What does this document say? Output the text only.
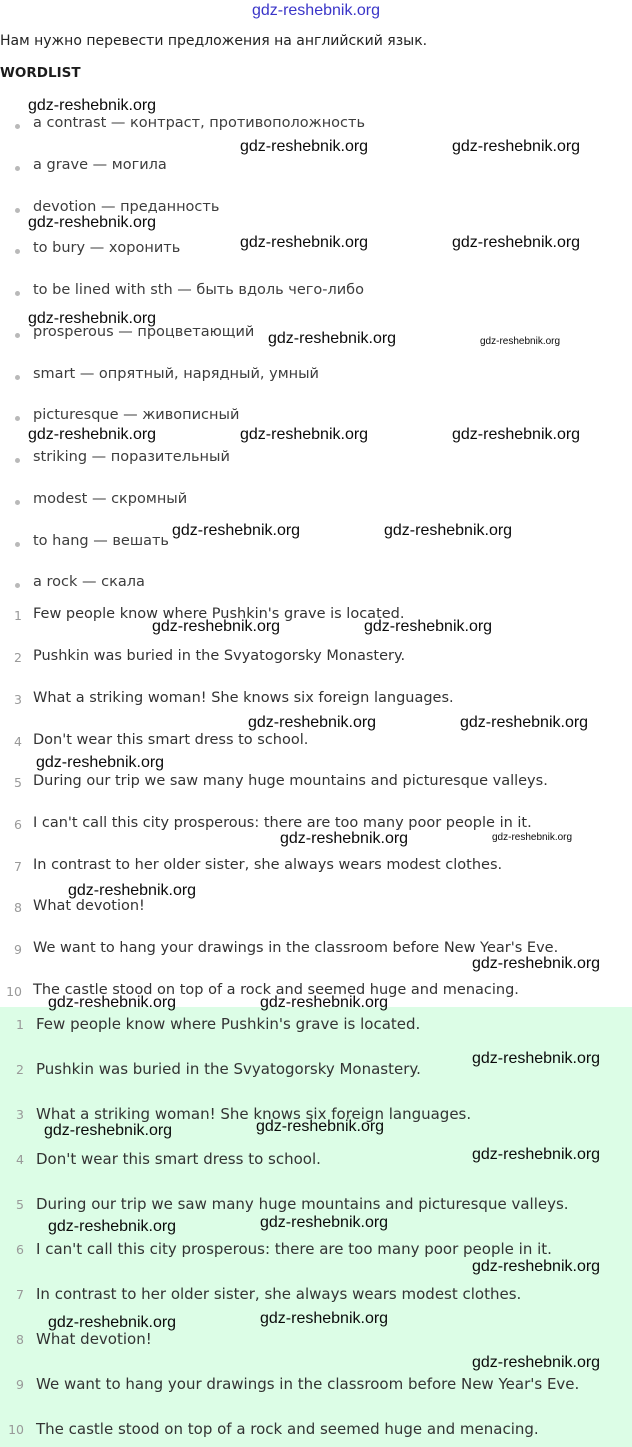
gdz-reshebnik.org
Нам нужно перевести предложения на английский язык.
WORDLIST
a contrast — контраст, противоположность
a grave — могила
devotion — преданность
to bury — хоронить
to be lined with sth — быть вдоль чего-либо
prosperous — процветающий
smart — опрятный, нарядный, умный
picturesque — живописный
striking — поразительный
modest — скромный
to hang — вешать
a rock — скала
1 Few people know where Pushkin's grave is located.
2 Pushkin was buried in the Svyatogorsky Monastery.
3 What a striking woman! She knows six foreign languages.
4 Don't wear this smart dress to school.
5 During our trip we saw many huge mountains and picturesque valleys.
6 I can't call this city prosperous: there are too many poor people in it.
7 In contrast to her older sister, she always wears modest clothes.
8 What devotion!
9 We want to hang your drawings in the classroom before New Year's Eve.
10 The castle stood on top of a rock and seemed huge and menacing.
1 Few people know where Pushkin's grave is located.
2 Pushkin was buried in the Svyatogorsky Monastery.
3 What a striking woman! She knows six foreign languages.
4 Don't wear this smart dress to school.
5 During our trip we saw many huge mountains and picturesque valleys.
6 I can't call this city prosperous: there are too many poor people in it.
7 In contrast to her older sister, she always wears modest clothes.
8 What devotion!
9 We want to hang your drawings in the classroom before New Year's Eve.
10 The castle stood on top of a rock and seemed huge and menacing.
gdz-reshebnik.org
gdz-reshebnik.org	gdz-reshebnik.org
gdz-reshebnik.org
gdz-reshebnik.org	gdz-reshebnik.org
gdz-reshebnik.org
gdz-reshebnik.org	gdz-reshebnik.org
gdz-reshebnik.org	gdz-reshebnik.org	gdz-reshebnik.org
gdz-reshebnik.org	gdz-reshebnik.org
gdz-reshebnik.org	gdz-reshebnik.org
gdz-reshebnik.org	gdz-reshebnik.org
gdz-reshebnik.org
gdz-reshebnik.org	gdz-reshebnik.org
gdz-reshebnik.org
gdz-reshebnik.org
gdz-reshebnik.org	gdz-reshebnik.org
gdz-reshebnik.org
gdz-reshebnik.org	gdz-reshebnik.org
gdz-reshebnik.org
gdz-reshebnik.org	gdz-reshebnik.org
gdz-reshebnik.org
gdz-reshebnik.org	gdz-reshebnik.org
gdz-reshebnik.org
